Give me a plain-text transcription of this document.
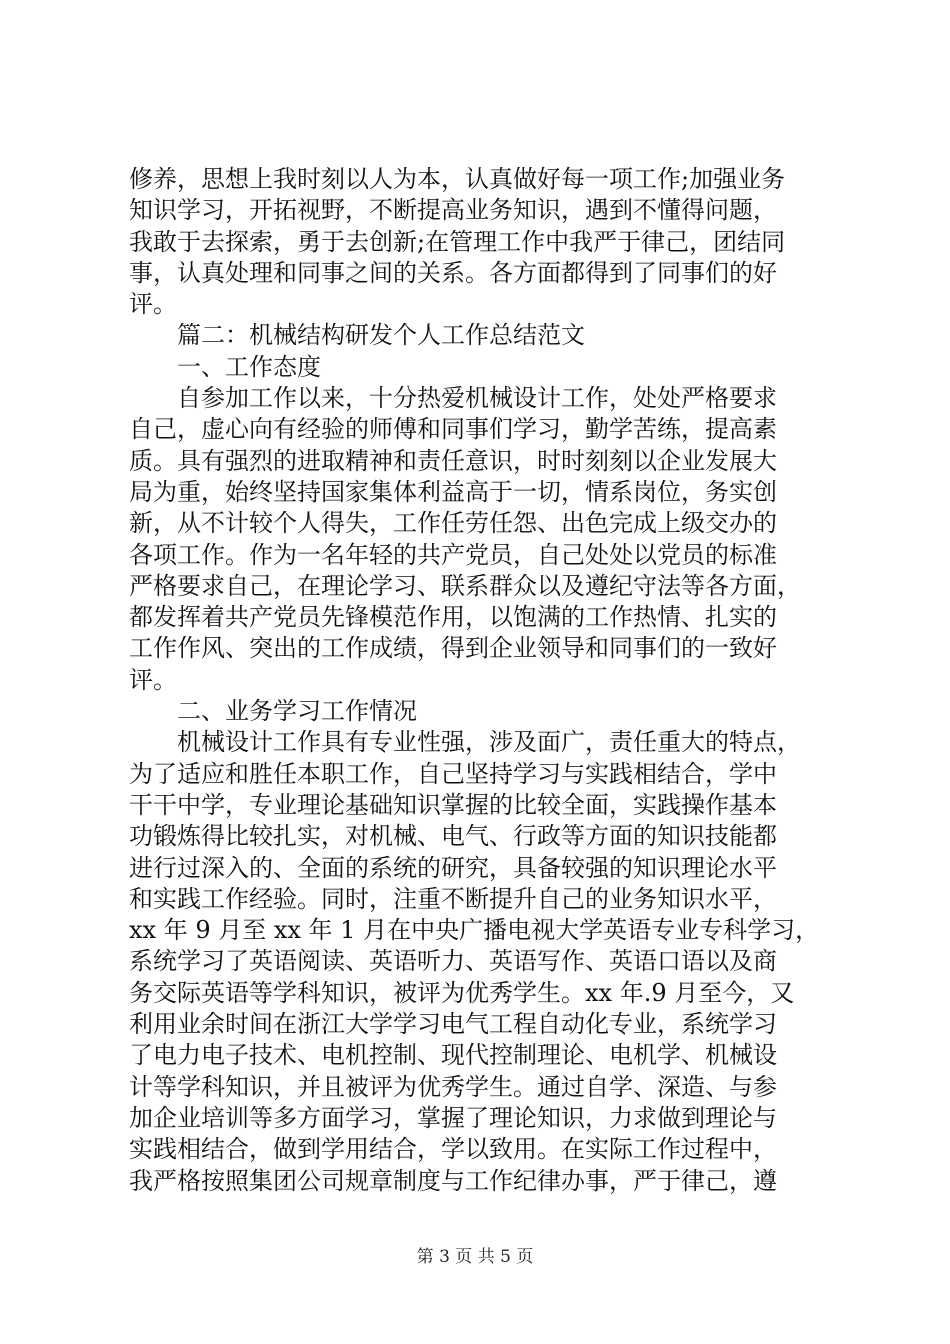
修养，思想上我时刻以人为本，认真做好每一项工作;加强业务
知识学习，开拓视野，不断提高业务知识，遇到不懂得问题，
我敢于去探索，勇于去创新;在管理工作中我严于律己，团结同
事，认真处理和同事之间的关系。各方面都得到了同事们的好
评。
篇二：机械结构研发个人工作总结范文
一、工作态度
自参加工作以来，十分热爱机械设计工作，处处严格要求
自己，虚心向有经验的师傅和同事们学习，勤学苦练，提高素
质。具有强烈的进取精神和责任意识，时时刻刻以企业发展大
局为重，始终坚持国家集体利益高于一切，情系岗位，务实创
新，从不计较个人得失，工作任劳任怨、出色完成上级交办的
各项工作。作为一名年轻的共产党员，自己处处以党员的标准
严格要求自己，在理论学习、联系群众以及遵纪守法等各方面，
都发挥着共产党员先锋模范作用，以饱满的工作热情、扎实的
工作作风、突出的工作成绩，得到企业领导和同事们的一致好
评。
二、业务学习工作情况
机械设计工作具有专业性强，涉及面广，责任重大的特点，
为了适应和胜任本职工作，自己坚持学习与实践相结合，学中
干干中学，专业理论基础知识掌握的比较全面，实践操作基本
功锻炼得比较扎实，对机械、电气、行政等方面的知识技能都
进行过深入的、全面的系统的研究，具备较强的知识理论水平
和实践工作经验。同时，注重不断提升自己的业务知识水平，
xx 年 9 月至 xx 年 1 月在中央广播电视大学英语专业专科学习，
系统学习了英语阅读、英语听力、英语写作、英语口语以及商
务交际英语等学科知识，被评为优秀学生。xx 年.9 月至今，又
利用业余时间在浙江大学学习电气工程自动化专业，系统学习
了电力电子技术、电机控制、现代控制理论、电机学、机械设
计等学科知识，并且被评为优秀学生。通过自学、深造、与参
加企业培训等多方面学习，掌握了理论知识，力求做到理论与
实践相结合，做到学用结合，学以致用。在实际工作过程中，
我严格按照集团公司规章制度与工作纪律办事，严于律己，遵
第 3 页 共 5 页
